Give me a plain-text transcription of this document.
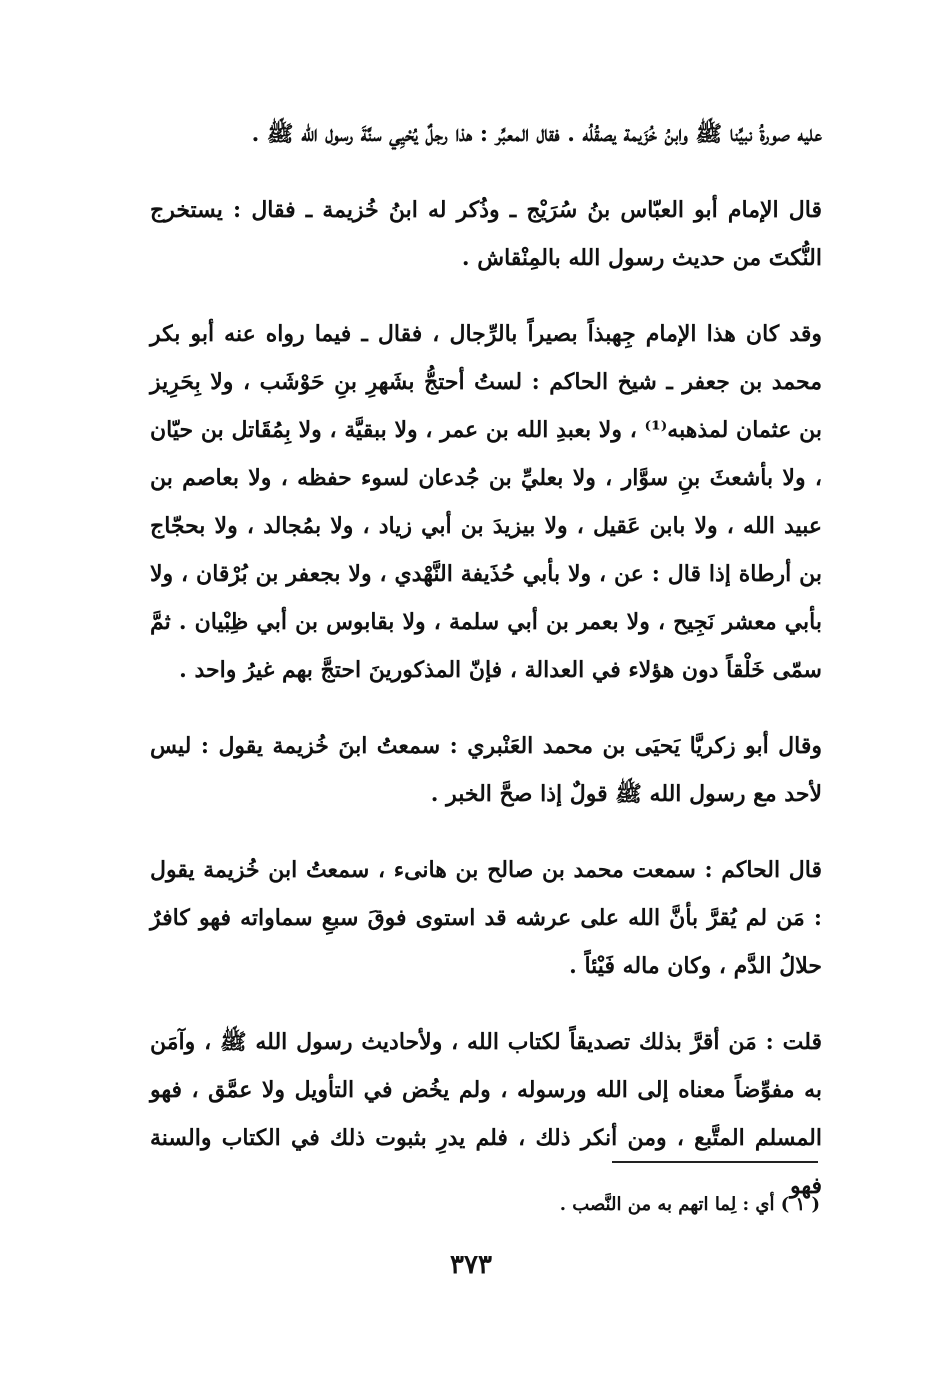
عليه صورةُ نبيِّنا ﷺ وابنُ خُزَيمة يصقُلُه . فقال المعبِّر : هذا رجلٌ يُحْيِي سنَّةَ رسول الله ﷺ .

قال الإمام أبو العبّاس بنُ سُرَيْج ـ وذُكر له ابنُ خُزيمة ـ فقال : يستخرج النُّكتَ من حديث رسول الله بالمِنْقاش .

وقد كان هذا الإمام جِهبذاً بصيراً بالرِّجال ، فقال ـ فيما رواه عنه أبو بكر محمد بن جعفر ـ شيخ الحاكم : لستُ أحتجُّ بشَهرِ بنِ حَوْشَب ، ولا بِحَرِيز بن عثمان لمذهبه⁽¹⁾ ، ولا بعبدِ الله بن عمر ، ولا ببقيَّة ، ولا بِمُقَاتل بن حيّان ، ولا بأشعثَ بنِ سوَّار ، ولا بعليِّ بن جُدعان لسوء حفظه ، ولا بعاصم بن عبيد الله ، ولا بابن عَقيل ، ولا بيزيدَ بن أبي زياد ، ولا بمُجالد ، ولا بحجّاج بن أرطاة إذا قال : عن ، ولا بأبي حُذَيفة النَّهْدي ، ولا بجعفر بن بُرْقان ، ولا بأبي معشر نَجِيح ، ولا بعمر بن أبي سلمة ، ولا بقابوس بن أبي ظِبْيان . ثمَّ سمّى خَلْقاً دون هؤلاء في العدالة ، فإنّ المذكورينَ احتجَّ بهم غيرُ واحد .

وقال أبو زكريَّا يَحيَى بن محمد العَنْبري : سمعتُ ابنَ خُزيمة يقول : ليس لأحد مع رسول الله ﷺ قولٌ إذا صحَّ الخبر .

قال الحاكم : سمعت محمد بن صالح بن هانىء ، سمعتُ ابن خُزيمة يقول : مَن لم يُقرَّ بأنَّ الله على عرشه قد استوى فوقَ سبعِ سماواته فهو كافرٌ حلالُ الدَّم ، وكان ماله فَيْئاً .

قلت : مَن أقرَّ بذلك تصديقاً لكتاب الله ، ولأحاديث رسول الله ﷺ ، وآمَن به مفوِّضاً معناه إلى الله ورسوله ، ولم يخُض في التأويل ولا عمَّق ، فهو المسلم المتَّبع ، ومن أنكر ذلك ، فلم يدرِ بثبوت ذلك في الكتاب والسنة فهو

( ١ ) أي : لِما اتهم به من النَّصب .
٣٧٣
